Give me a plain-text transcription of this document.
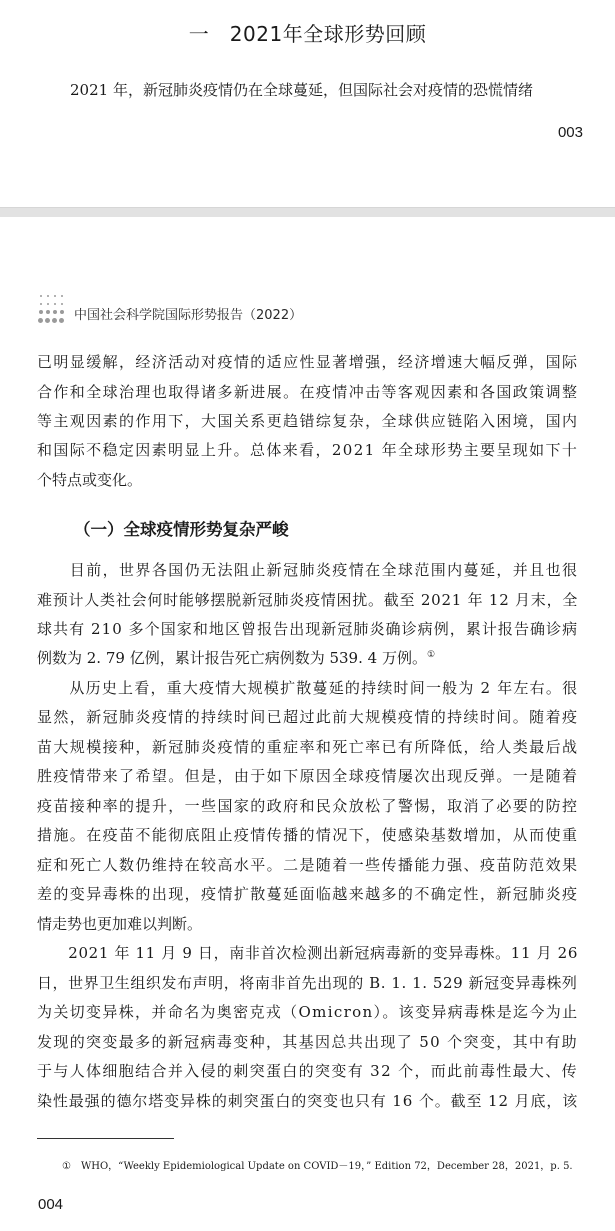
一　2021年全球形势回顾
2021 年，新冠肺炎疫情仍在全球蔓延，但国际社会对疫情的恐慌情绪
003
中国社会科学院国际形势报告（2022）
已明显缓解，经济活动对疫情的适应性显著增强，经济增速大幅反弹，国际
合作和全球治理也取得诸多新进展。在疫情冲击等客观因素和各国政策调整
等主观因素的作用下，大国关系更趋错综复杂，全球供应链陷入困境，国内
和国际不稳定因素明显上升。总体来看，2021 年全球形势主要呈现如下十
个特点或变化。
（一）全球疫情形势复杂严峻
　　目前，世界各国仍无法阻止新冠肺炎疫情在全球范围内蔓延，并且也很
难预计人类社会何时能够摆脱新冠肺炎疫情困扰。截至 2021 年 12 月末，全
球共有 210 多个国家和地区曾报告出现新冠肺炎确诊病例，累计报告确诊病
例数为 2. 79 亿例，累计报告死亡病例数为 539. 4 万例。①
　　从历史上看，重大疫情大规模扩散蔓延的持续时间一般为 2 年左右。很
显然，新冠肺炎疫情的持续时间已超过此前大规模疫情的持续时间。随着疫
苗大规模接种，新冠肺炎疫情的重症率和死亡率已有所降低，给人类最后战
胜疫情带来了希望。但是，由于如下原因全球疫情屡次出现反弹。一是随着
疫苗接种率的提升，一些国家的政府和民众放松了警惕，取消了必要的防控
措施。在疫苗不能彻底阻止疫情传播的情况下，使感染基数增加，从而使重
症和死亡人数仍维持在较高水平。二是随着一些传播能力强、疫苗防范效果
差的变异毒株的出现，疫情扩散蔓延面临越来越多的不确定性，新冠肺炎疫
情走势也更加难以判断。
　　2021 年 11 月 9 日，南非首次检测出新冠病毒新的变异毒株。11 月 26
日，世界卫生组织发布声明，将南非首先出现的 B. 1. 1. 529 新冠变异毒株列
为关切变异株，并命名为奥密克戎（Omicron）。该变异病毒株是迄今为止
发现的突变最多的新冠病毒变种，其基因总共出现了 50 个突变，其中有助
于与人体细胞结合并入侵的刺突蛋白的突变有 32 个，而此前毒性最大、传
染性最强的德尔塔变异株的刺突蛋白的突变也只有 16 个。截至 12 月底，该
①　WHO，“Weekly Epidemiological Update on COVID－19，” Edition 72，December 28，2021，p. 5.
004
